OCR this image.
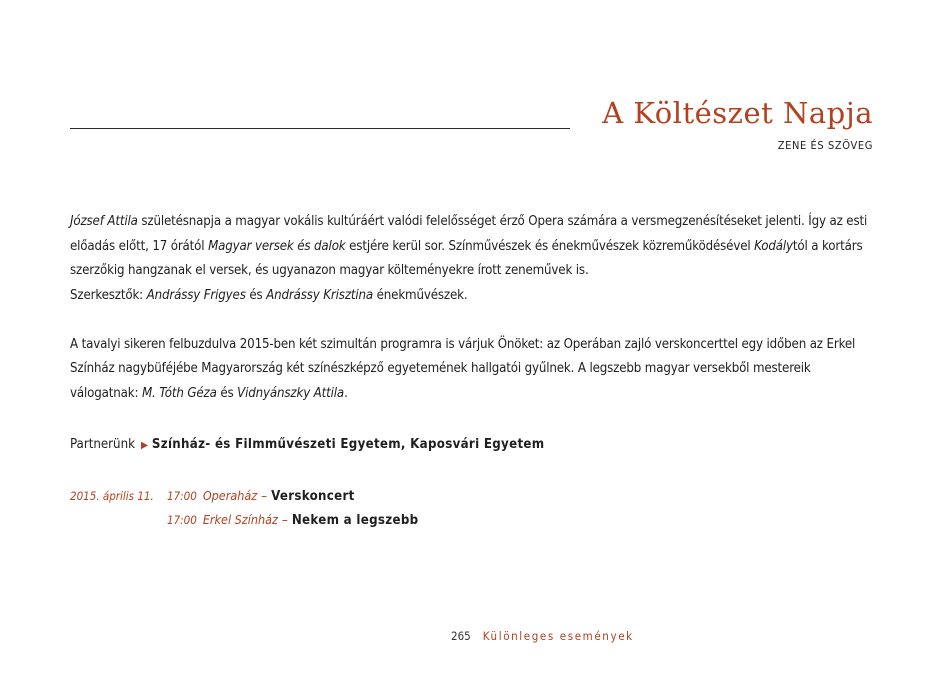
A Költészet Napja
ZENE ÉS SZÖVEG

József Attila születésnapja a magyar vokális kultúráért valódi felelősséget érző Opera számára a versmegzenésítéseket jelenti. Így az esti előadás előtt, 17 órától Magyar versek és dalok estjére kerül sor. Színművészek és énekművészek közreműködésével Kodálytól a kortárs szerzőkig hangzanak el versek, és ugyanazon magyar költeményekre írott zeneművek is.
Szerkesztők: Andrássy Frigyes és Andrássy Krisztina énekművészek.

A tavalyi sikeren felbuzdulva 2015-ben két szimultán programra is várjuk Önöket: az Operában zajló verskoncerttel egy időben az Erkel Színház nagybüféjébe Magyarország két színészképző egyetemének hallgatói gyűlnek. A legszebb magyar versekből mestereik válogatnak: M. Tóth Géza és Vidnyánszky Attila.

Partnerünk ▶ Színház- és Filmművészeti Egyetem, Kaposvári Egyetem
2015. április 11.	17:00 Operaház – Verskoncert
17:00 Erkel Színház – Nekem a legszebb
265 Különleges események
